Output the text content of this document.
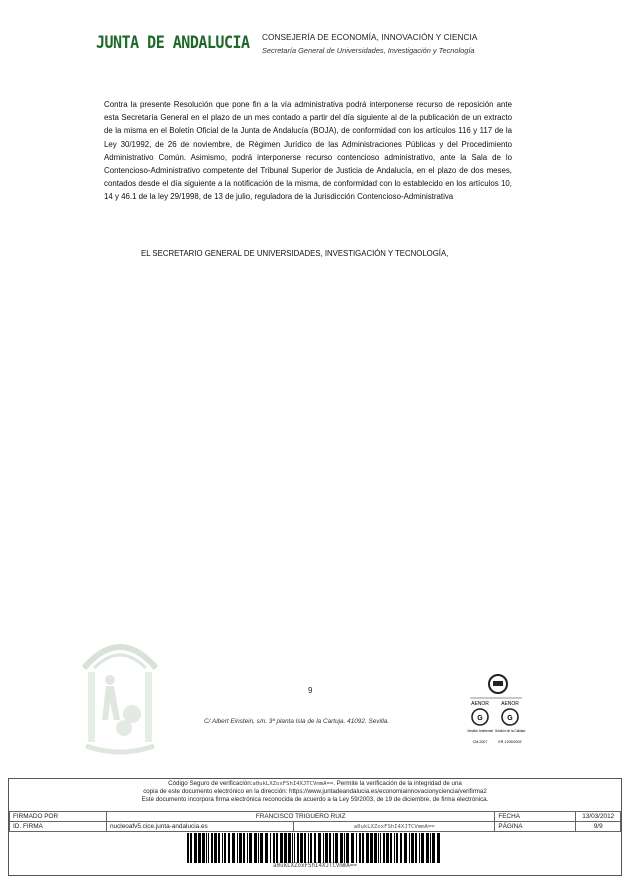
JUNTA DE ANDALUCIA CONSEJERÍA DE ECONOMÍA, INNOVACIÓN Y CIENCIA
Secretaría General de Universidades, Investigación y Tecnología
Contra la presente Resolución que pone fin a la vía administrativa podrá interponerse recurso de reposición ante esta Secretaría General en el plazo de un mes contado a partir del día siguiente al de la publicación de un extracto de la misma en el Boletín Oficial de la Junta de Andalucía (BOJA), de conformidad con los artículos 116 y 117 de la Ley 30/1992, de 26 de noviembre, de Régimen Jurídico de las Administraciones Públicas y del Procedimiento Administrativo Común. Asimismo, podrá interponerse recurso contencioso administrativo, ante la Sala de lo Contencioso-Administrativo competente del Tribunal Superior de Justicia de Andalucía, en el plazo de dos meses, contados desde el día siguiente a la notificación de la misma, de conformidad con lo establecido en los artículos 10, 14 y 46.1 de la ley 29/1998, de 13 de julio, reguladora de la Jurisdicción Contencioso-Administrativa
EL SECRETARIO GENERAL DE UNIVERSIDADES, INVESTIGACIÓN Y TECNOLOGÍA,
9
C/ Albert Einstein, s/n. 3ª planta Isla de la Cartuja. 41092. Sevilla.
AENOR AENOR
G	G
Gestión Ambiental Gestión de la Calidad
CM-2007	ER-1205/2002
Código Seguro de verificación:a0ukLXZoxFShI4XJTCVmmA==. Permite la verificación de la integridad de una
copia de este documento electrónico en la dirección: https://www.juntadeandalucia.es/economiainnovacionyciencia/verifirma2
Este documento incorpora firma electrónica reconocida de acuerdo a la Ley 59/2003, de 19 de diciembre, de firma electrónica.
FIRMADO POR	FRANCISCO TRIGUERO RUIZ		FECHA	13/03/2012
ID. FIRMA	nucleoafv5.cice.junta-andalucia.es	a0ukLXZoxFShI4XJTCVmmA==	PÁGINA	9/9
a0ukLXZoxFShI4XJTCVmmA==
